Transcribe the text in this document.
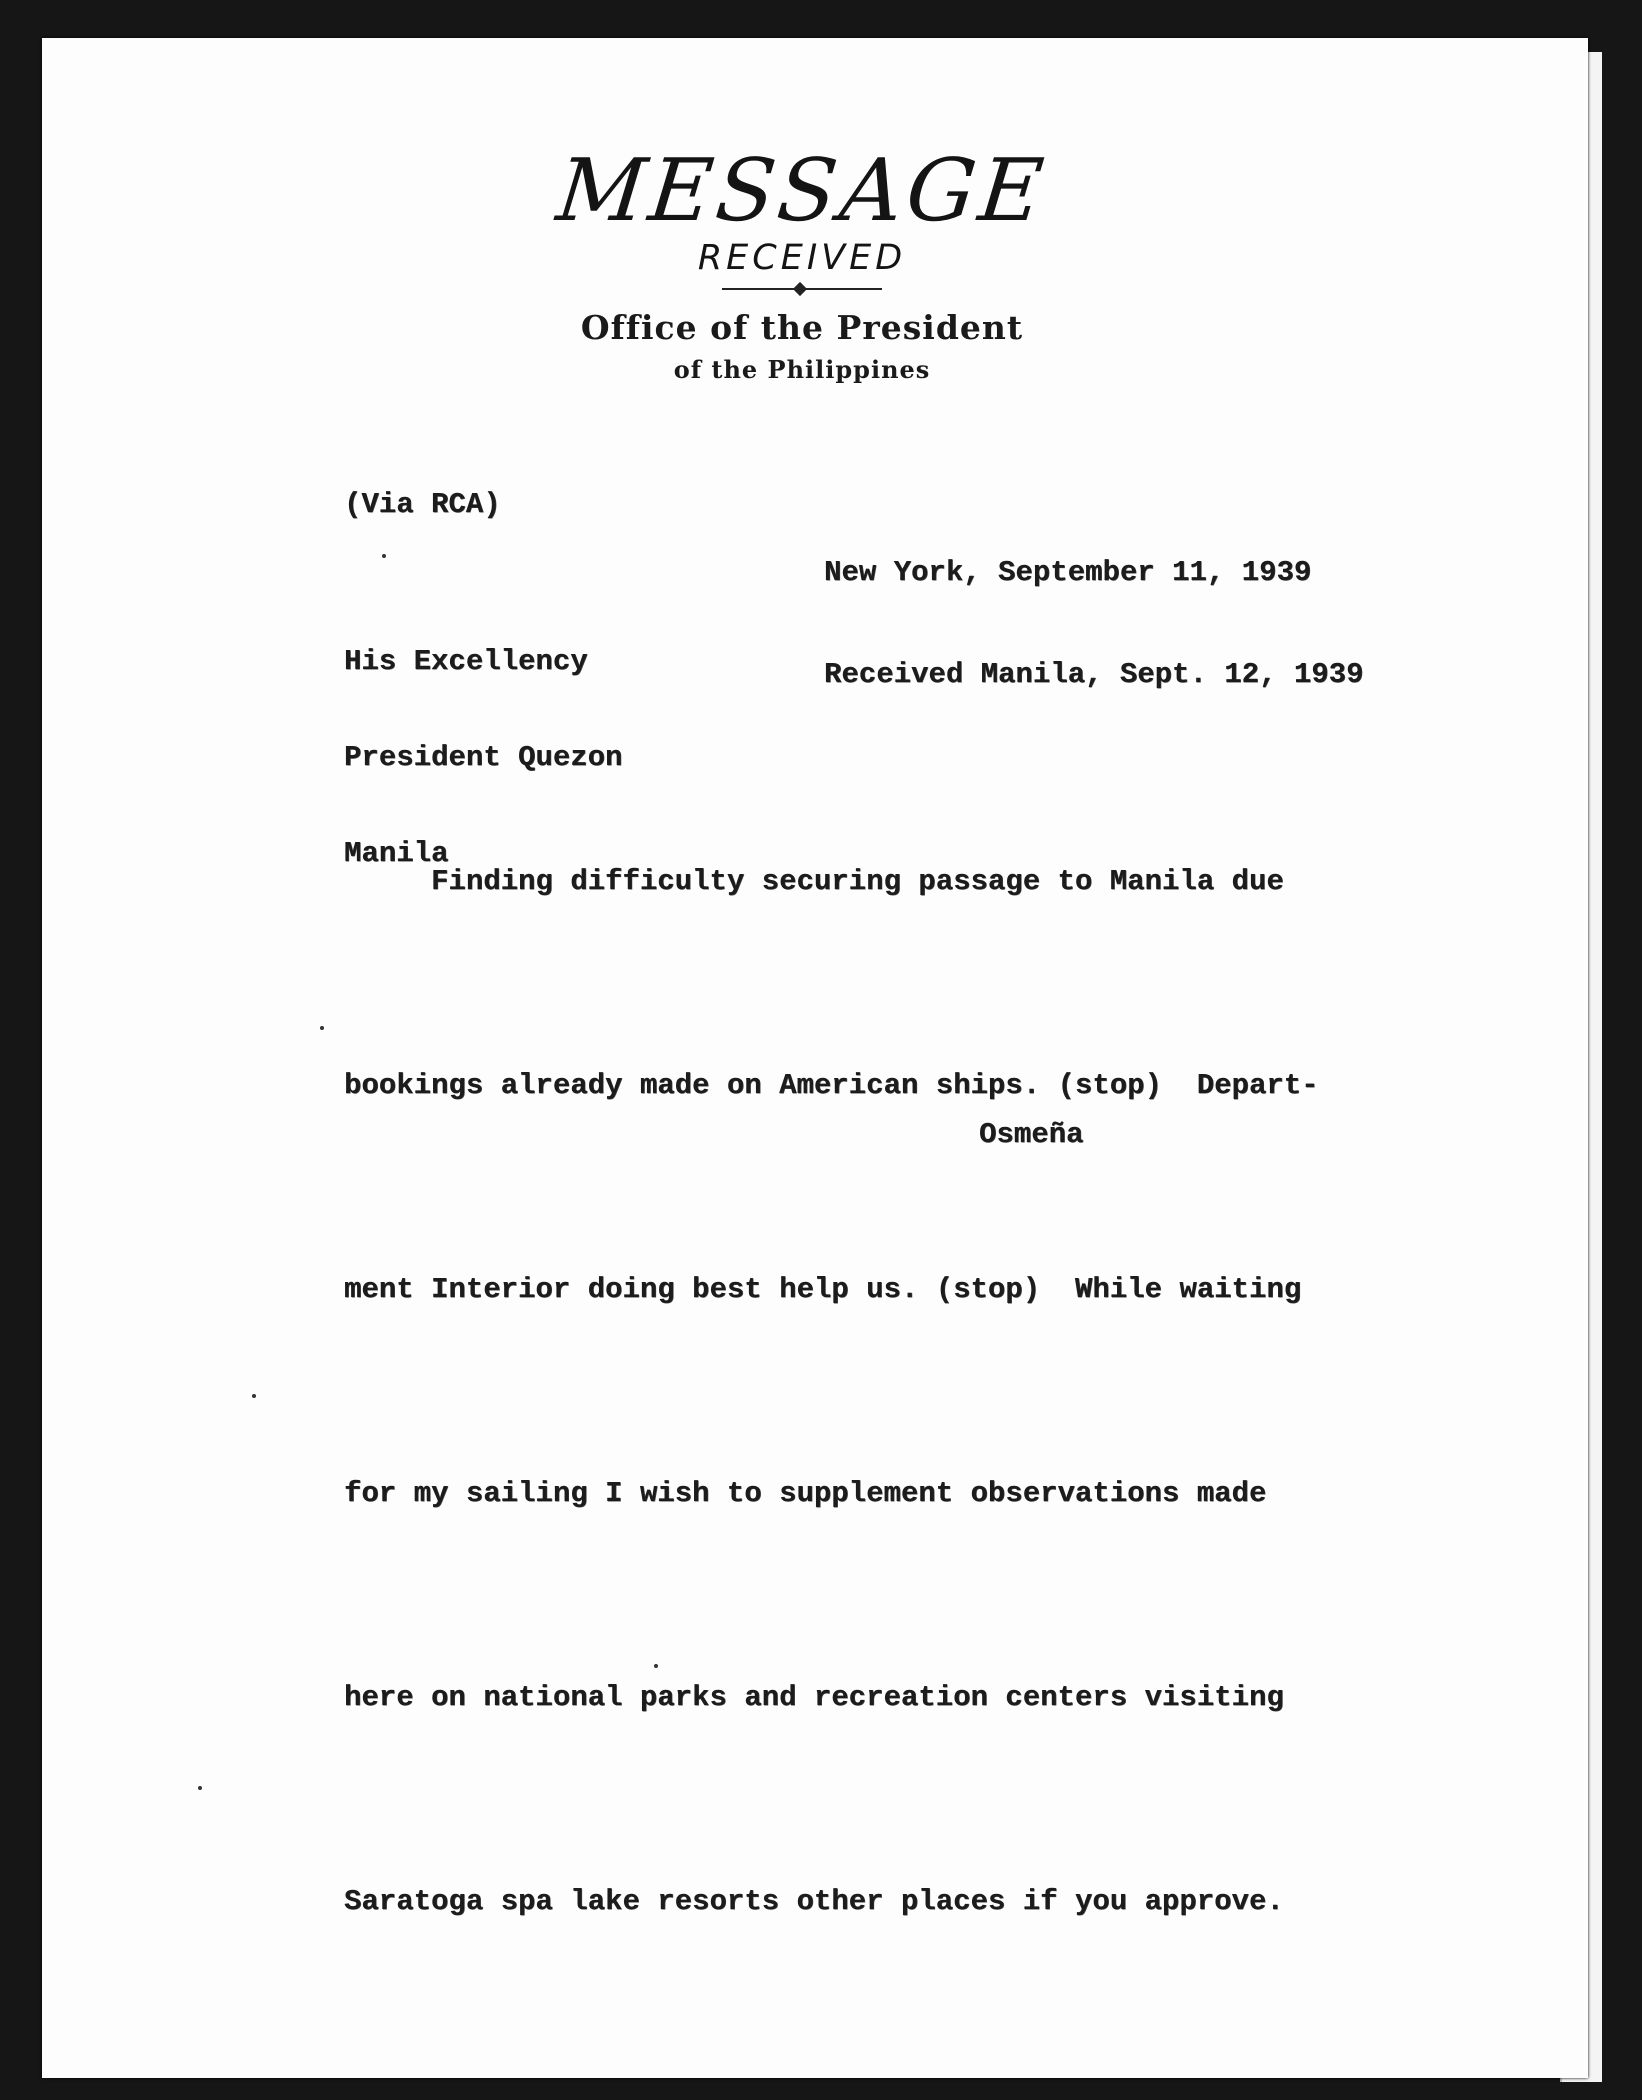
MESSAGE
RECEIVED
Office of the President
of the Philippines
(Via RCA)

New York, September 11, 1939

Received Manila, Sept. 12, 1939

His Excellency

President Quezon

Manila

Finding difficulty securing passage to Manila due

bookings already made on American ships. (stop)  Depart-

ment Interior doing best help us. (stop)  While waiting

for my sailing I wish to supplement observations made

here on national parks and recreation centers visiting

Saratoga spa lake resorts other places if you approve.

Osmeña
